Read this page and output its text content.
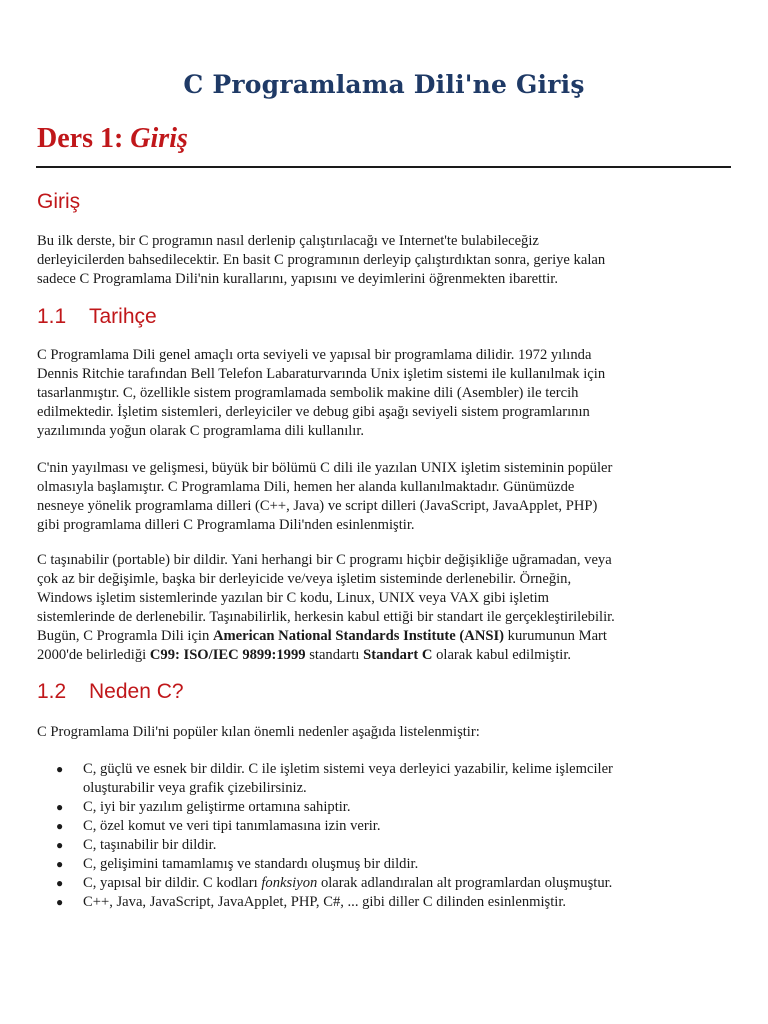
C Programlama Dili'ne Giriş
Ders 1: Giriş
Giriş

Bu ilk derste, bir C programın nasıl derlenip çalıştırılacağı ve Internet'te bulabileceğiz
derleyicilerden bahsedilecektir. En basit C programının derleyip çalıştırdıktan sonra, geriye kalan
sadece C Programlama Dili'nin kurallarını, yapısını ve deyimlerini öğrenmekten ibarettir.

1.1 Tarihçe

C Programlama Dili genel amaçlı orta seviyeli ve yapısal bir programlama dilidir. 1972 yılında
Dennis Ritchie tarafından Bell Telefon Labaraturvarında Unix işletim sistemi ile kullanılmak için
tasarlanmıştır. C, özellikle sistem programlamada sembolik makine dili (Asembler) ile tercih
edilmektedir. İşletim sistemleri, derleyiciler ve debug gibi aşağı seviyeli sistem programlarının
yazılımında yoğun olarak C programlama dili kullanılır.

C'nin yayılması ve gelişmesi, büyük bir bölümü C dili ile yazılan UNIX işletim sisteminin popüler
olmasıyla başlamıştır. C Programlama Dili, hemen her alanda kullanılmaktadır. Günümüzde
nesneye yönelik programlama dilleri (C++, Java) ve script dilleri (JavaScript, JavaApplet, PHP)
gibi programlama dilleri C Programlama Dili'nden esinlenmiştir.

C taşınabilir (portable) bir dildir. Yani herhangi bir C programı hiçbir değişikliğe uğramadan, veya
çok az bir değişimle, başka bir derleyicide ve/veya işletim sisteminde derlenebilir. Örneğin,
Windows işletim sistemlerinde yazılan bir C kodu, Linux, UNIX veya VAX gibi işletim
sistemlerinde de derlenebilir. Taşınabilirlik, herkesin kabul ettiği bir standart ile gerçekleştirilebilir.
Bugün, C Programla Dili için American National Standards Institute (ANSI) kurumunun Mart
2000'de belirlediği C99: ISO/IEC 9899:1999 standartı Standart C olarak kabul edilmiştir.

1.2 Neden C?

C Programlama Dili'ni popüler kılan önemli nedenler aşağıda listelenmiştir:

● C, güçlü ve esnek bir dildir. C ile işletim sistemi veya derleyici yazabilir, kelime işlemciler
oluşturabilir veya grafik çizebilirsiniz.
● C, iyi bir yazılım geliştirme ortamına sahiptir.
● C, özel komut ve veri tipi tanımlamasına izin verir.
● C, taşınabilir bir dildir.
● C, gelişimini tamamlamış ve standardı oluşmuş bir dildir.
● C, yapısal bir dildir. C kodları fonksiyon olarak adlandıralan alt programlardan oluşmuştur.
● C++, Java, JavaScript, JavaApplet, PHP, C#, ... gibi diller C dilinden esinlenmiştir.
